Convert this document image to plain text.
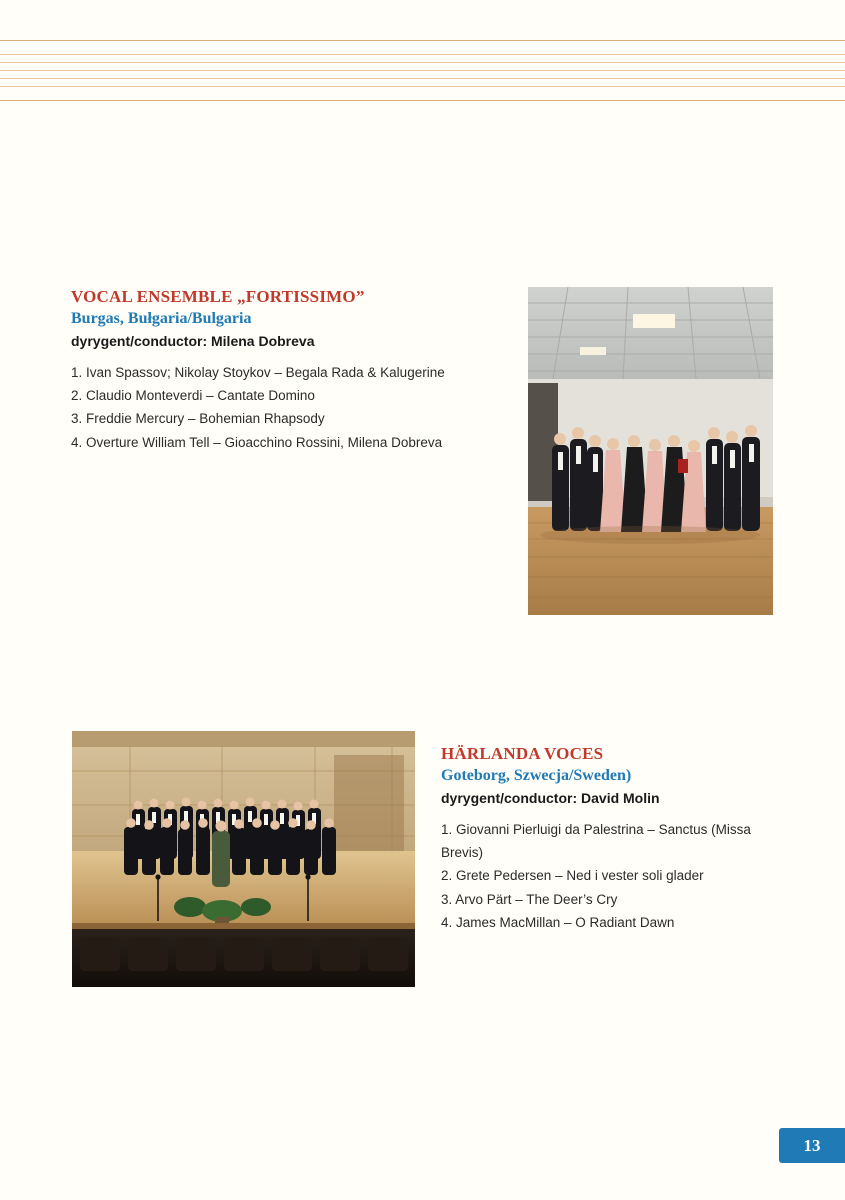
VOCAL ENSEMBLE „FORTISSIMO”
Burgas, Bułgaria/Bulgaria
dyrygent/conductor: Milena Dobreva
1. Ivan Spassov; Nikolay Stoykov – Begala Rada & Kalugerine
2. Claudio Monteverdi – Cantate Domino
3. Freddie Mercury – Bohemian Rhapsody
4. Overture William Tell – Gioacchino Rossini, Milena Dobreva
HÄRLANDA VOCES
Goteborg, Szwecja/Sweden)
dyrygent/conductor: David Molin
1. Giovanni Pierluigi da Palestrina – Sanctus (Missa Brevis)
2. Grete Pedersen – Ned i vester soli glader
3. Arvo Pärt – The Deer’s Cry
4. James MacMillan – O Radiant Dawn
13
